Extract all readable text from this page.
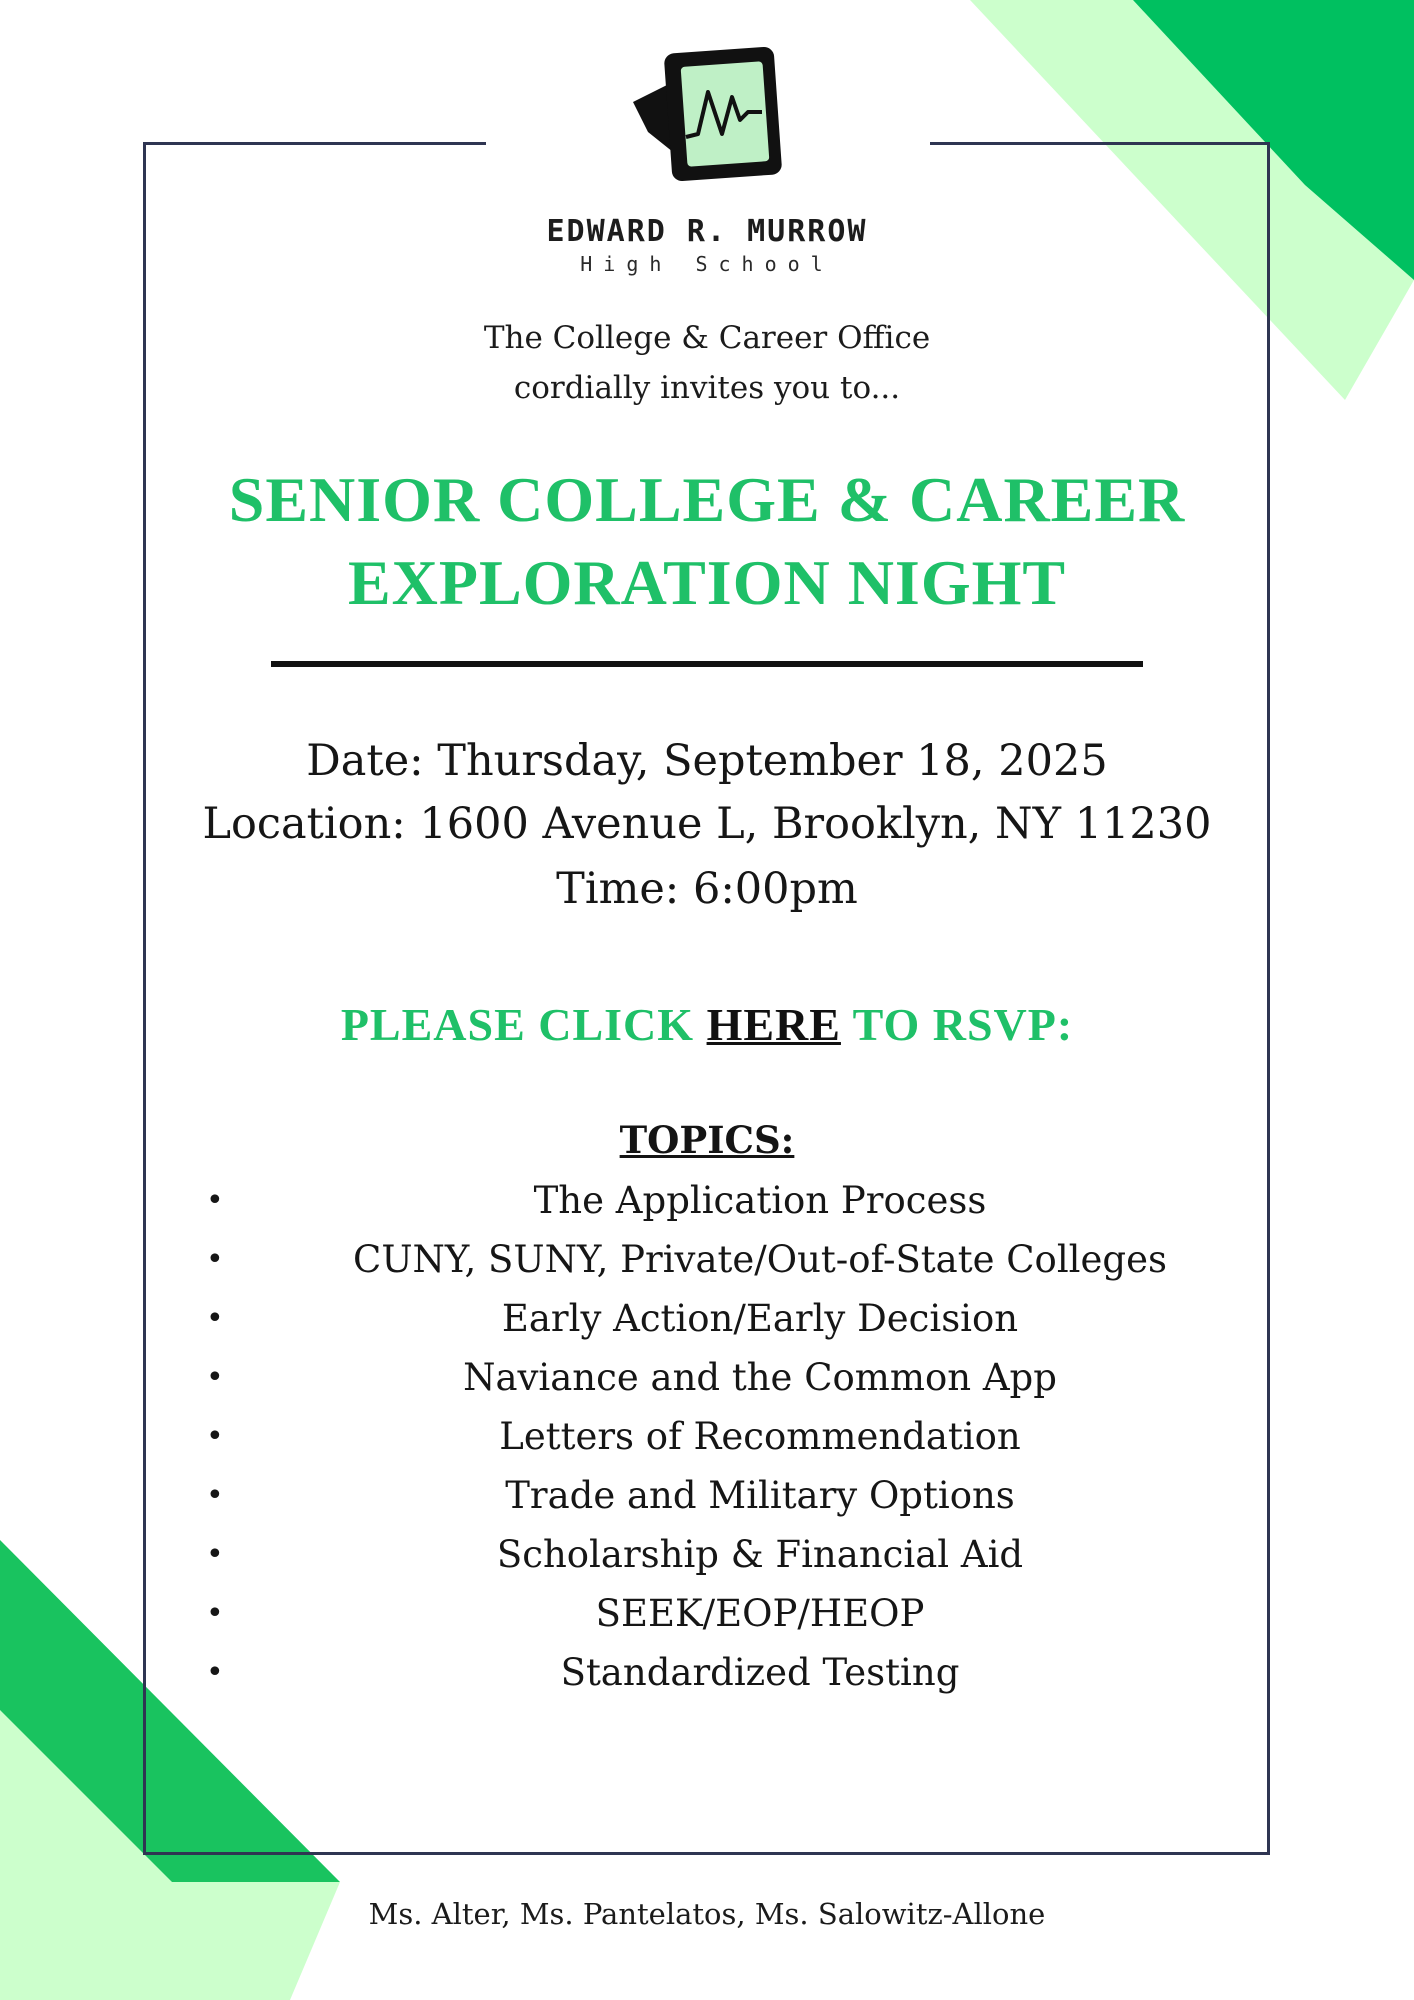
EDWARD R. MURROW
High School
The College & Career Office
cordially invites you to...
SENIOR COLLEGE & CAREER
EXPLORATION NIGHT
Date: Thursday, September 18, 2025
Location: 1600 Avenue L, Brooklyn, NY 11230
Time: 6:00pm
PLEASE CLICK HERE TO RSVP:
TOPICS:
•	The Application Process
•	CUNY, SUNY, Private/Out-of-State Colleges
•	Early Action/Early Decision
•	Naviance and the Common App
•	Letters of Recommendation
•	Trade and Military Options
•	Scholarship & Financial Aid
•	SEEK/EOP/HEOP
•	Standardized Testing
Ms. Alter, Ms. Pantelatos, Ms. Salowitz-Allone
